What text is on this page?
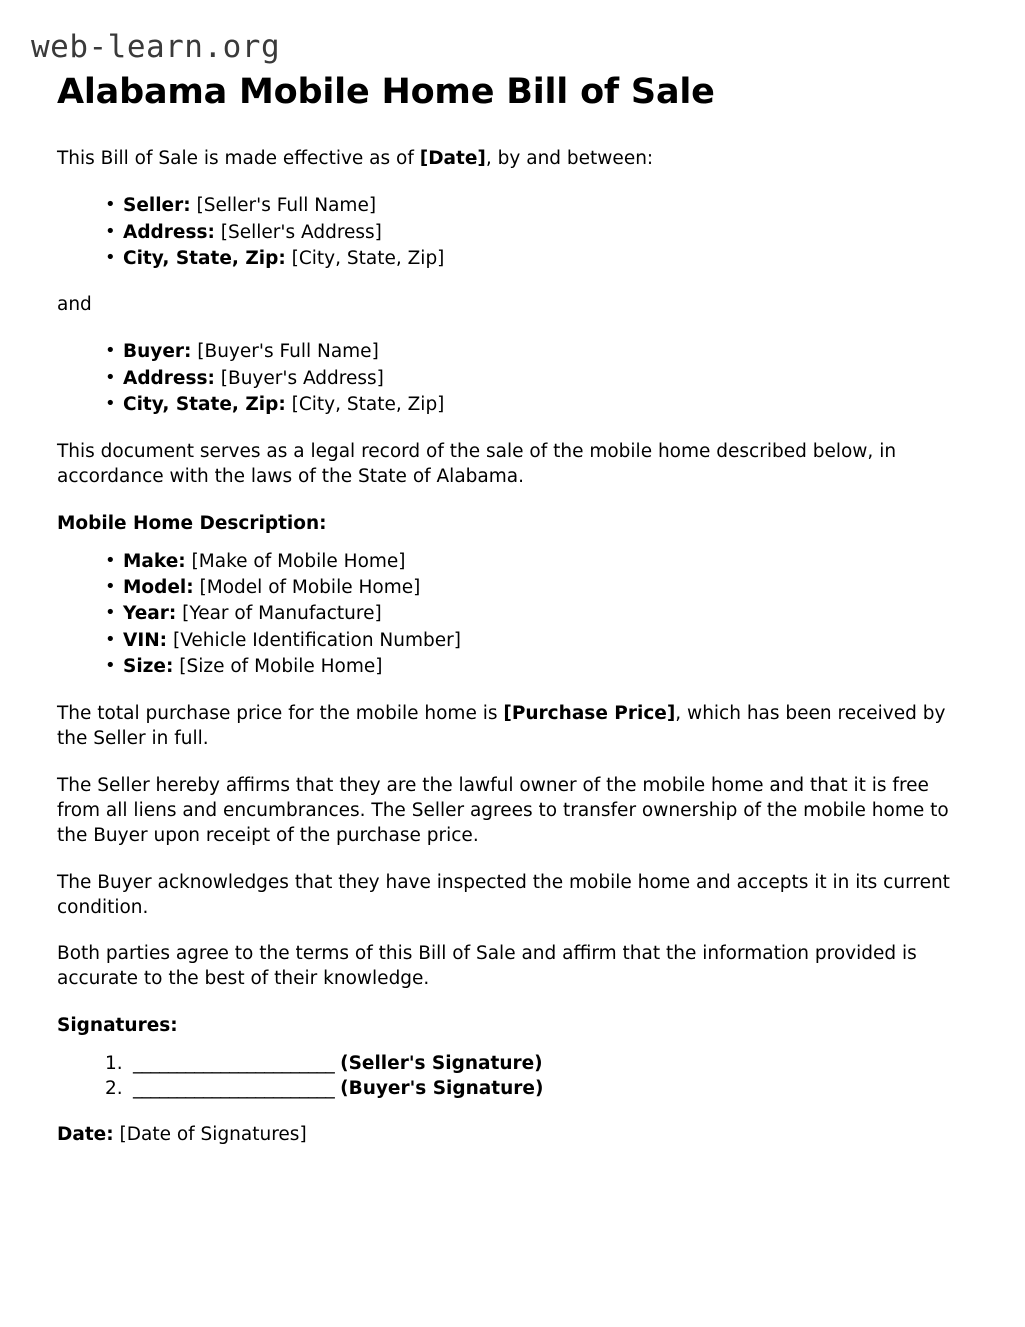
web-learn.org
Alabama Mobile Home Bill of Sale

This Bill of Sale is made effective as of [Date], by and between:

• Seller: [Seller's Full Name]
• Address: [Seller's Address]
• City, State, Zip: [City, State, Zip]

and

• Buyer: [Buyer's Full Name]
• Address: [Buyer's Address]
• City, State, Zip: [City, State, Zip]

This document serves as a legal record of the sale of the mobile home described below, in accordance with the laws of the State of Alabama.

Mobile Home Description:
• Make: [Make of Mobile Home]
• Model: [Model of Mobile Home]
• Year: [Year of Manufacture]
• VIN: [Vehicle Identification Number]
• Size: [Size of Mobile Home]

The total purchase price for the mobile home is [Purchase Price], which has been received by the Seller in full.

The Seller hereby affirms that they are the lawful owner of the mobile home and that it is free from all liens and encumbrances. The Seller agrees to transfer ownership of the mobile home to the Buyer upon receipt of the purchase price.

The Buyer acknowledges that they have inspected the mobile home and accepts it in its current condition.

Both parties agree to the terms of this Bill of Sale and affirm that the information provided is accurate to the best of their knowledge.

Signatures:
_______________________ (Seller's Signature)
_______________________ (Buyer's Signature)

Date: [Date of Signatures]
